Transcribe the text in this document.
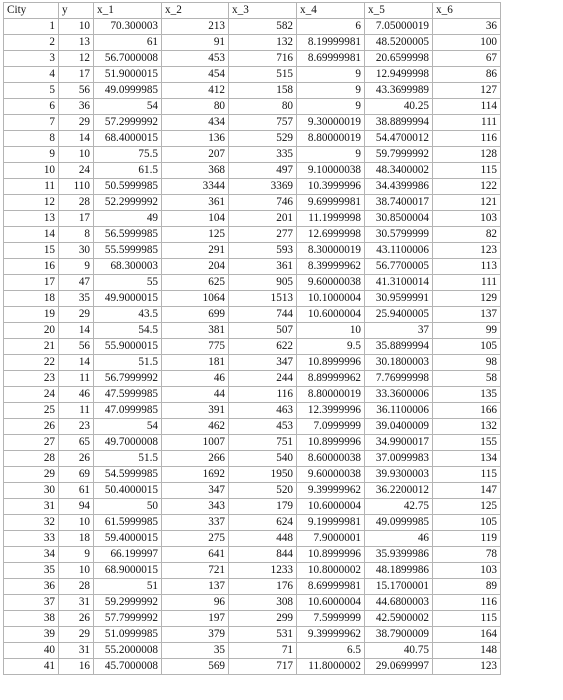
City	y	x_1	x_2	x_3	x_4	x_5	x_6
1	10	70.300003	213	582	6	7.05000019	36
2	13	61	91	132	8.19999981	48.5200005	100
3	12	56.7000008	453	716	8.69999981	20.6599998	67
4	17	51.9000015	454	515	9	12.9499998	86
5	56	49.0999985	412	158	9	43.3699989	127
6	36	54	80	80	9	40.25	114
7	29	57.2999992	434	757	9.30000019	38.8899994	111
8	14	68.4000015	136	529	8.80000019	54.4700012	116
9	10	75.5	207	335	9	59.7999992	128
10	24	61.5	368	497	9.10000038	48.3400002	115
11	110	50.5999985	3344	3369	10.3999996	34.4399986	122
12	28	52.2999992	361	746	9.69999981	38.7400017	121
13	17	49	104	201	11.1999998	30.8500004	103
14	8	56.5999985	125	277	12.6999998	30.5799999	82
15	30	55.5999985	291	593	8.30000019	43.1100006	123
16	9	68.300003	204	361	8.39999962	56.7700005	113
17	47	55	625	905	9.60000038	41.3100014	111
18	35	49.9000015	1064	1513	10.1000004	30.9599991	129
19	29	43.5	699	744	10.6000004	25.9400005	137
20	14	54.5	381	507	10	37	99
21	56	55.9000015	775	622	9.5	35.8899994	105
22	14	51.5	181	347	10.8999996	30.1800003	98
23	11	56.7999992	46	244	8.89999962	7.76999998	58
24	46	47.5999985	44	116	8.80000019	33.3600006	135
25	11	47.0999985	391	463	12.3999996	36.1100006	166
26	23	54	462	453	7.0999999	39.0400009	132
27	65	49.7000008	1007	751	10.8999996	34.9900017	155
28	26	51.5	266	540	8.60000038	37.0099983	134
29	69	54.5999985	1692	1950	9.60000038	39.9300003	115
30	61	50.4000015	347	520	9.39999962	36.2200012	147
31	94	50	343	179	10.6000004	42.75	125
32	10	61.5999985	337	624	9.19999981	49.0999985	105
33	18	59.4000015	275	448	7.9000001	46	119
34	9	66.199997	641	844	10.8999996	35.9399986	78
35	10	68.9000015	721	1233	10.8000002	48.1899986	103
36	28	51	137	176	8.69999981	15.1700001	89
37	31	59.2999992	96	308	10.6000004	44.6800003	116
38	26	57.7999992	197	299	7.5999999	42.5900002	115
39	29	51.0999985	379	531	9.39999962	38.7900009	164
40	31	55.2000008	35	71	6.5	40.75	148
41	16	45.7000008	569	717	11.8000002	29.0699997	123
